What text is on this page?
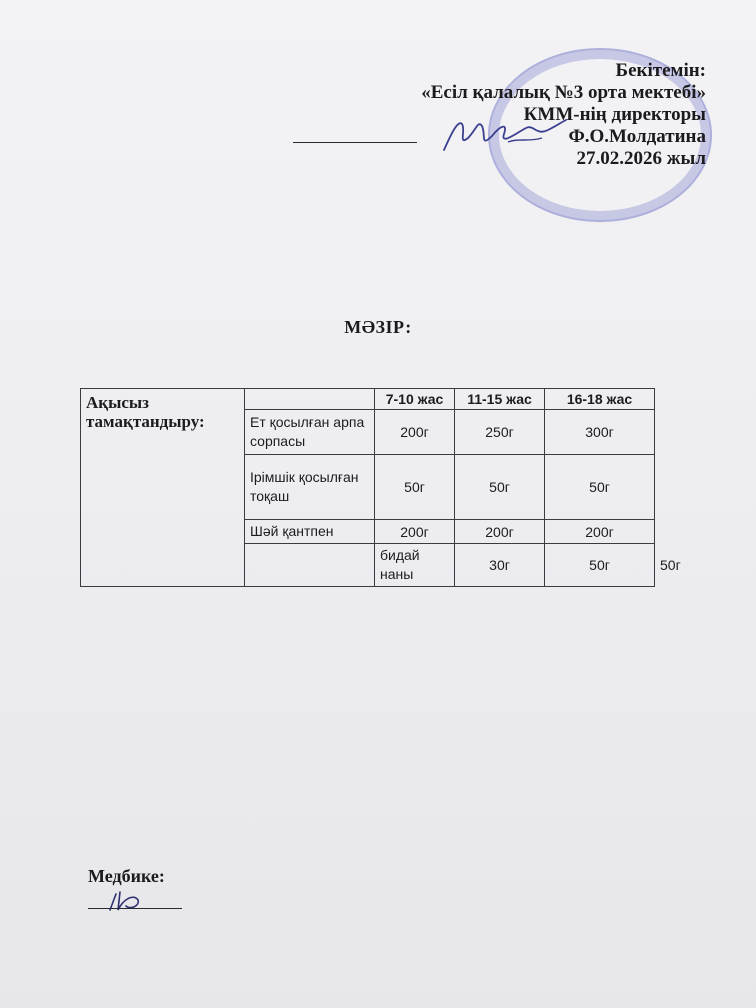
Бекітемін:
«Есіл қалалық №3 орта мектебі»
КММ-нің директоры
Ф.О.Молдатина
27.02.2026 жыл
МӘЗІР:
Ақысыз тамақтандыру:		7-10 жас	11-15 жас	16-18 жас	
	Ет қосылған арпа сорпасы	200г	250г	300г	
	Ірімшік қосылған тоқаш	50г	50г	50г	
	Шәй қантпен	200г	200г	200г	
		бидай наны	30г	50г	50г
Медбике:
